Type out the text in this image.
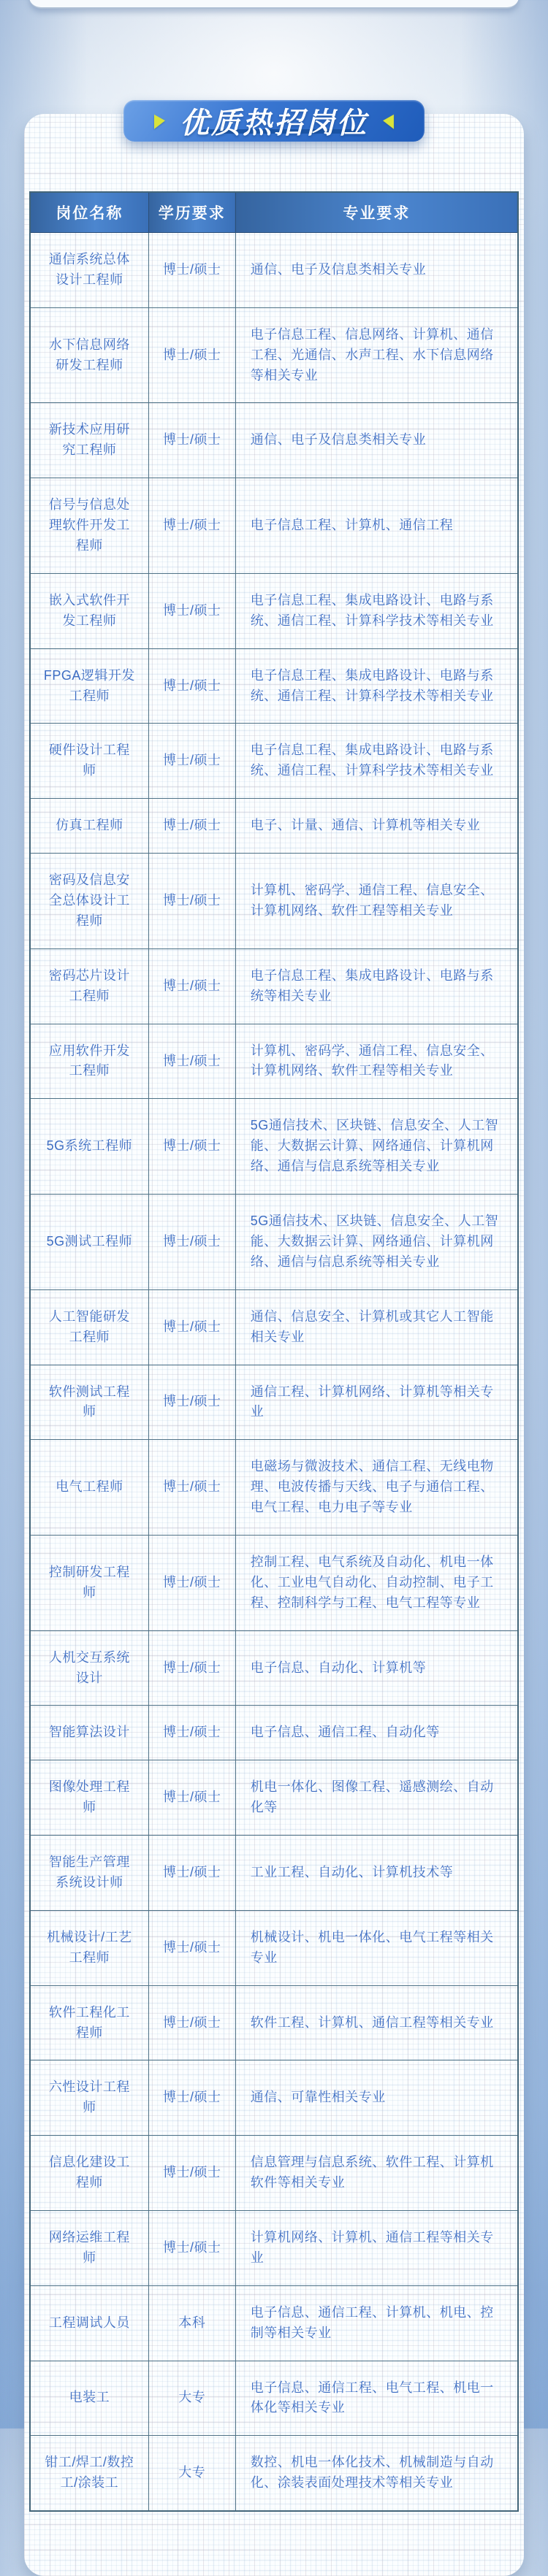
优质热招岗位
岗位名称	学历要求	专业要求
通信系统总体设计工程师	博士/硕士	通信、电子及信息类相关专业
水下信息网络研发工程师	博士/硕士	电子信息工程、信息网络、计算机、通信工程、光通信、水声工程、水下信息网络等相关专业
新技术应用研究工程师	博士/硕士	通信、电子及信息类相关专业
信号与信息处理软件开发工程师	博士/硕士	电子信息工程、计算机、通信工程
嵌入式软件开发工程师	博士/硕士	电子信息工程、集成电路设计、电路与系统、通信工程、计算科学技术等相关专业
FPGA逻辑开发工程师	博士/硕士	电子信息工程、集成电路设计、电路与系统、通信工程、计算科学技术等相关专业
硬件设计工程师	博士/硕士	电子信息工程、集成电路设计、电路与系统、通信工程、计算科学技术等相关专业
仿真工程师	博士/硕士	电子、计量、通信、计算机等相关专业
密码及信息安全总体设计工程师	博士/硕士	计算机、密码学、通信工程、信息安全、计算机网络、软件工程等相关专业
密码芯片设计工程师	博士/硕士	电子信息工程、集成电路设计、电路与系统等相关专业
应用软件开发工程师	博士/硕士	计算机、密码学、通信工程、信息安全、计算机网络、软件工程等相关专业
5G系统工程师	博士/硕士	5G通信技术、区块链、信息安全、人工智能、大数据云计算、网络通信、计算机网络、通信与信息系统等相关专业
5G测试工程师	博士/硕士	5G通信技术、区块链、信息安全、人工智能、大数据云计算、网络通信、计算机网络、通信与信息系统等相关专业
人工智能研发工程师	博士/硕士	通信、信息安全、计算机或其它人工智能相关专业
软件测试工程师	博士/硕士	通信工程、计算机网络、计算机等相关专业
电气工程师	博士/硕士	电磁场与微波技术、通信工程、无线电物理、电波传播与天线、电子与通信工程、电气工程、电力电子等专业
控制研发工程师	博士/硕士	控制工程、电气系统及自动化、机电一体化、工业电气自动化、自动控制、电子工程、控制科学与工程、电气工程等专业
人机交互系统设计	博士/硕士	电子信息、自动化、计算机等
智能算法设计	博士/硕士	电子信息、通信工程、自动化等
图像处理工程师	博士/硕士	机电一体化、图像工程、遥感测绘、自动化等
智能生产管理系统设计师	博士/硕士	工业工程、自动化、计算机技术等
机械设计/工艺工程师	博士/硕士	机械设计、机电一体化、电气工程等相关专业
软件工程化工程师	博士/硕士	软件工程、计算机、通信工程等相关专业
六性设计工程师	博士/硕士	通信、可靠性相关专业
信息化建设工程师	博士/硕士	信息管理与信息系统、软件工程、计算机软件等相关专业
网络运维工程师	博士/硕士	计算机网络、计算机、通信工程等相关专业
工程调试人员	本科	电子信息、通信工程、计算机、机电、控制等相关专业
电装工	大专	电子信息、通信工程、电气工程、机电一体化等相关专业
钳工/焊工/数控工/涂装工	大专	数控、机电一体化技术、机械制造与自动化、涂装表面处理技术等相关专业
